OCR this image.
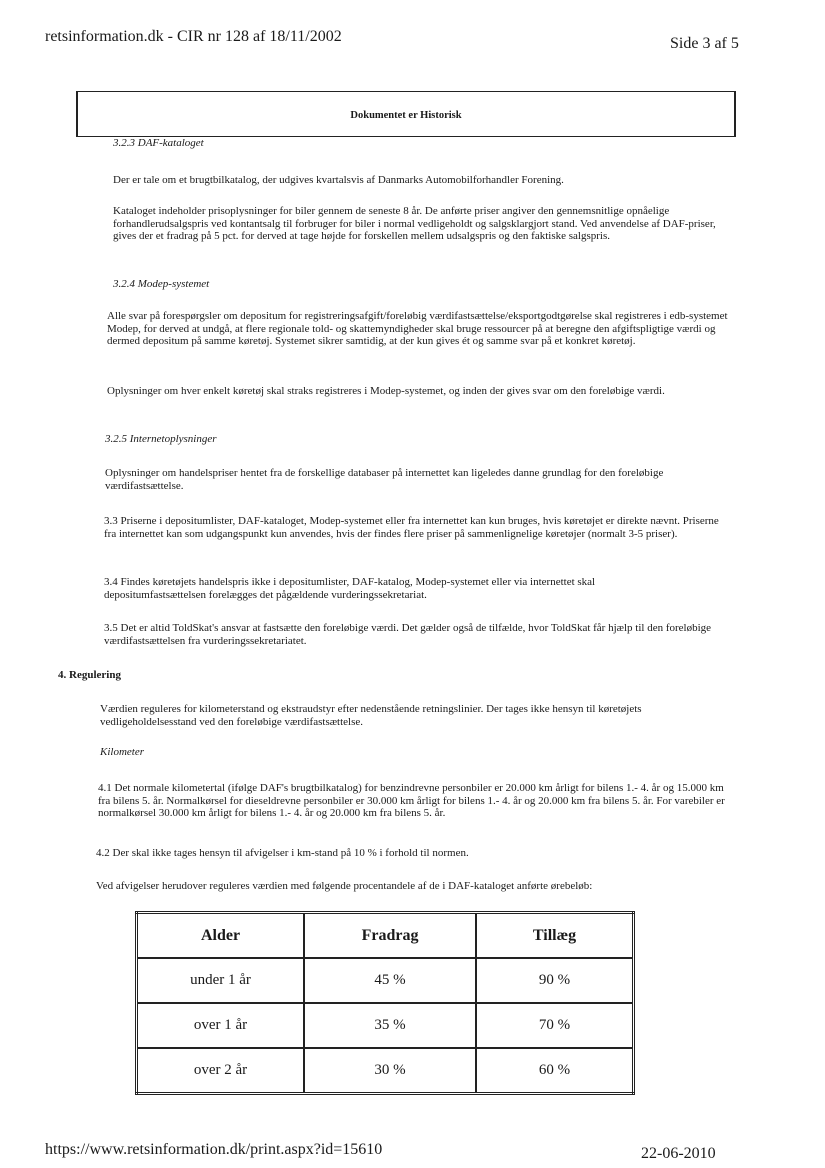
retsinformation.dk - CIR nr 128 af 18/11/2002	Side 3 af 5
Dokumentet er Historisk
3.2.3 DAF-kataloget

Der er tale om et brugtbilkatalog, der udgives kvartalsvis af Danmarks Automobilforhandler Forening.

Kataloget indeholder prisoplysninger for biler gennem de seneste 8 år. De anførte priser angiver den gennemsnitlige opnåelige forhandlerudsalgspris ved kontantsalg til forbruger for biler i normal vedligeholdt og salgsklargjort stand. Ved anvendelse af DAF-priser, gives der et fradrag på 5 pct. for derved at tage højde for forskellen mellem udsalgspris og den faktiske salgspris.

3.2.4 Modep-systemet

Alle svar på forespørgsler om depositum for registreringsafgift/foreløbig værdifastsættelse/eksportgodtgørelse skal registreres i edb-systemet Modep, for derved at undgå, at flere regionale told- og skattemyndigheder skal bruge ressourcer på at beregne den afgiftspligtige værdi og dermed depositum på samme køretøj. Systemet sikrer samtidig, at der kun gives ét og samme svar på et konkret køretøj.

Oplysninger om hver enkelt køretøj skal straks registreres i Modep-systemet, og inden der gives svar om den foreløbige værdi.

3.2.5 Internetoplysninger

Oplysninger om handelspriser hentet fra de forskellige databaser på internettet kan ligeledes danne grundlag for den foreløbige værdifastsættelse.

3.3 Priserne i depositumlister, DAF-kataloget, Modep-systemet eller fra internettet kan kun bruges, hvis køretøjet er direkte nævnt. Priserne fra internettet kan som udgangspunkt kun anvendes, hvis der findes flere priser på sammenlignelige køretøjer (normalt 3-5 priser).

3.4 Findes køretøjets handelspris ikke i depositumlister, DAF-katalog, Modep-systemet eller via internettet skal depositumfastsættelsen forelægges det pågældende vurderingssekretariat.

3.5 Det er altid ToldSkat's ansvar at fastsætte den foreløbige værdi. Det gælder også de tilfælde, hvor ToldSkat får hjælp til den foreløbige værdifastsættelsen fra vurderingssekretariatet.

4. Regulering

Værdien reguleres for kilometerstand og ekstraudstyr efter nedenstående retningslinier. Der tages ikke hensyn til køretøjets vedligeholdelsesstand ved den foreløbige værdifastsættelse.

Kilometer

4.1 Det normale kilometertal (ifølge DAF's brugtbilkatalog) for benzindrevne personbiler er 20.000 km årligt for bilens 1.- 4. år og 15.000 km fra bilens 5. år. Normalkørsel for dieseldrevne personbiler er 30.000 km årligt for bilens 1.- 4. år og 20.000 km fra bilens 5. år. For varebiler er normalkørsel 30.000 km årligt for bilens 1.- 4. år og 20.000 km fra bilens 5. år.

4.2 Der skal ikke tages hensyn til afvigelser i km-stand på 10 % i forhold til normen.

Ved afvigelser herudover reguleres værdien med følgende procentandele af de i DAF-kataloget anførte ørebeløb:

Alder	Fradrag	Tillæg
under 1 år	45 %	90 %
over 1 år	35 %	70 %
over 2 år	30 %	60 %
https://www.retsinformation.dk/print.aspx?id=15610	22-06-2010
